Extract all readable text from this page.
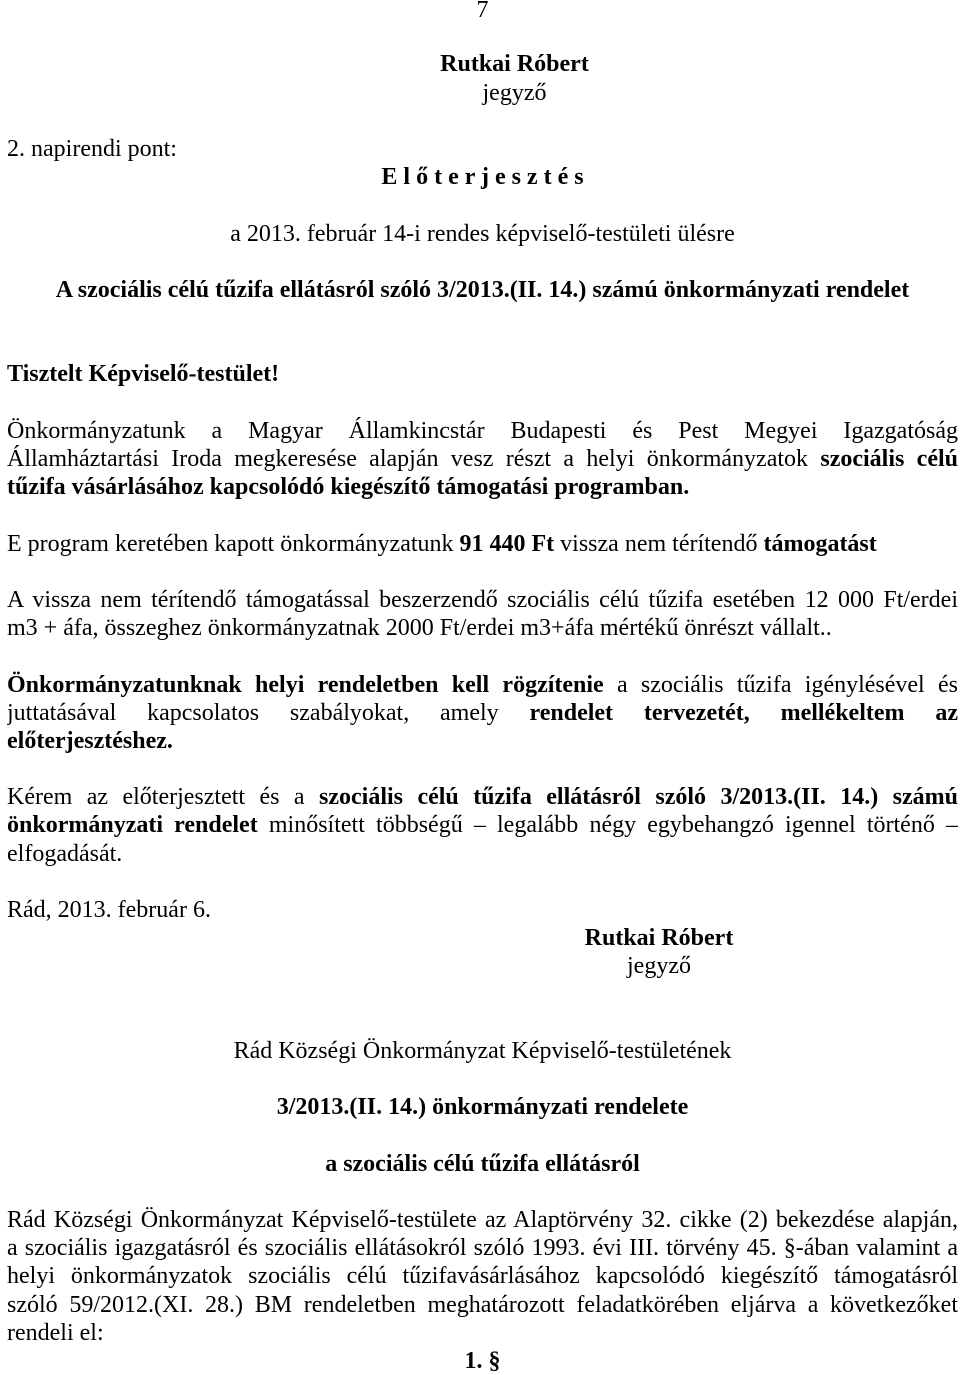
7
Rutkai Róbert
jegyző
2. napirendi pont:
E l ő t e r j e s z t é s
a 2013. február 14-i rendes képviselő-testületi ülésre
A szociális célú tűzifa ellátásról szóló 3/2013.(II. 14.) számú önkormányzati rendelet
Tisztelt Képviselő-testület!
Önkormányzatunk a Magyar Államkincstár Budapesti és Pest Megyei Igazgatóság
Államháztartási Iroda megkeresése alapján vesz részt a helyi önkormányzatok szociális célú
tűzifa vásárlásához kapcsolódó kiegészítő támogatási programban.
E program keretében kapott önkormányzatunk 91 440 Ft vissza nem térítendő támogatást
A vissza nem térítendő támogatással beszerzendő szociális célú tűzifa esetében 12 000 Ft/erdei
m3 + áfa, összeghez önkormányzatnak 2000 Ft/erdei m3+áfa mértékű önrészt vállalt..
Önkormányzatunknak helyi rendeletben kell rögzítenie a szociális tűzifa igénylésével és
juttatásával kapcsolatos szabályokat, amely rendelet tervezetét, mellékeltem az
előterjesztéshez.
Kérem az előterjesztett és a szociális célú tűzifa ellátásról szóló 3/2013.(II. 14.) számú
önkormányzati rendelet minősített többségű – legalább négy egybehangzó igennel történő –
elfogadását.
Rád, 2013. február 6.
Rutkai Róbert
jegyző
Rád Községi Önkormányzat Képviselő-testületének
3/2013.(II. 14.) önkormányzati rendelete
a szociális célú tűzifa ellátásról
Rád Községi Önkormányzat Képviselő-testülete az Alaptörvény 32. cikke (2) bekezdése alapján,
a szociális igazgatásról és szociális ellátásokról szóló 1993. évi III. törvény 45. §-ában valamint a
helyi önkormányzatok szociális célú tűzifavásárlásához kapcsolódó kiegészítő támogatásról
szóló 59/2012.(XI. 28.) BM rendeletben meghatározott feladatkörében eljárva a következőket
rendeli el:
1. §
